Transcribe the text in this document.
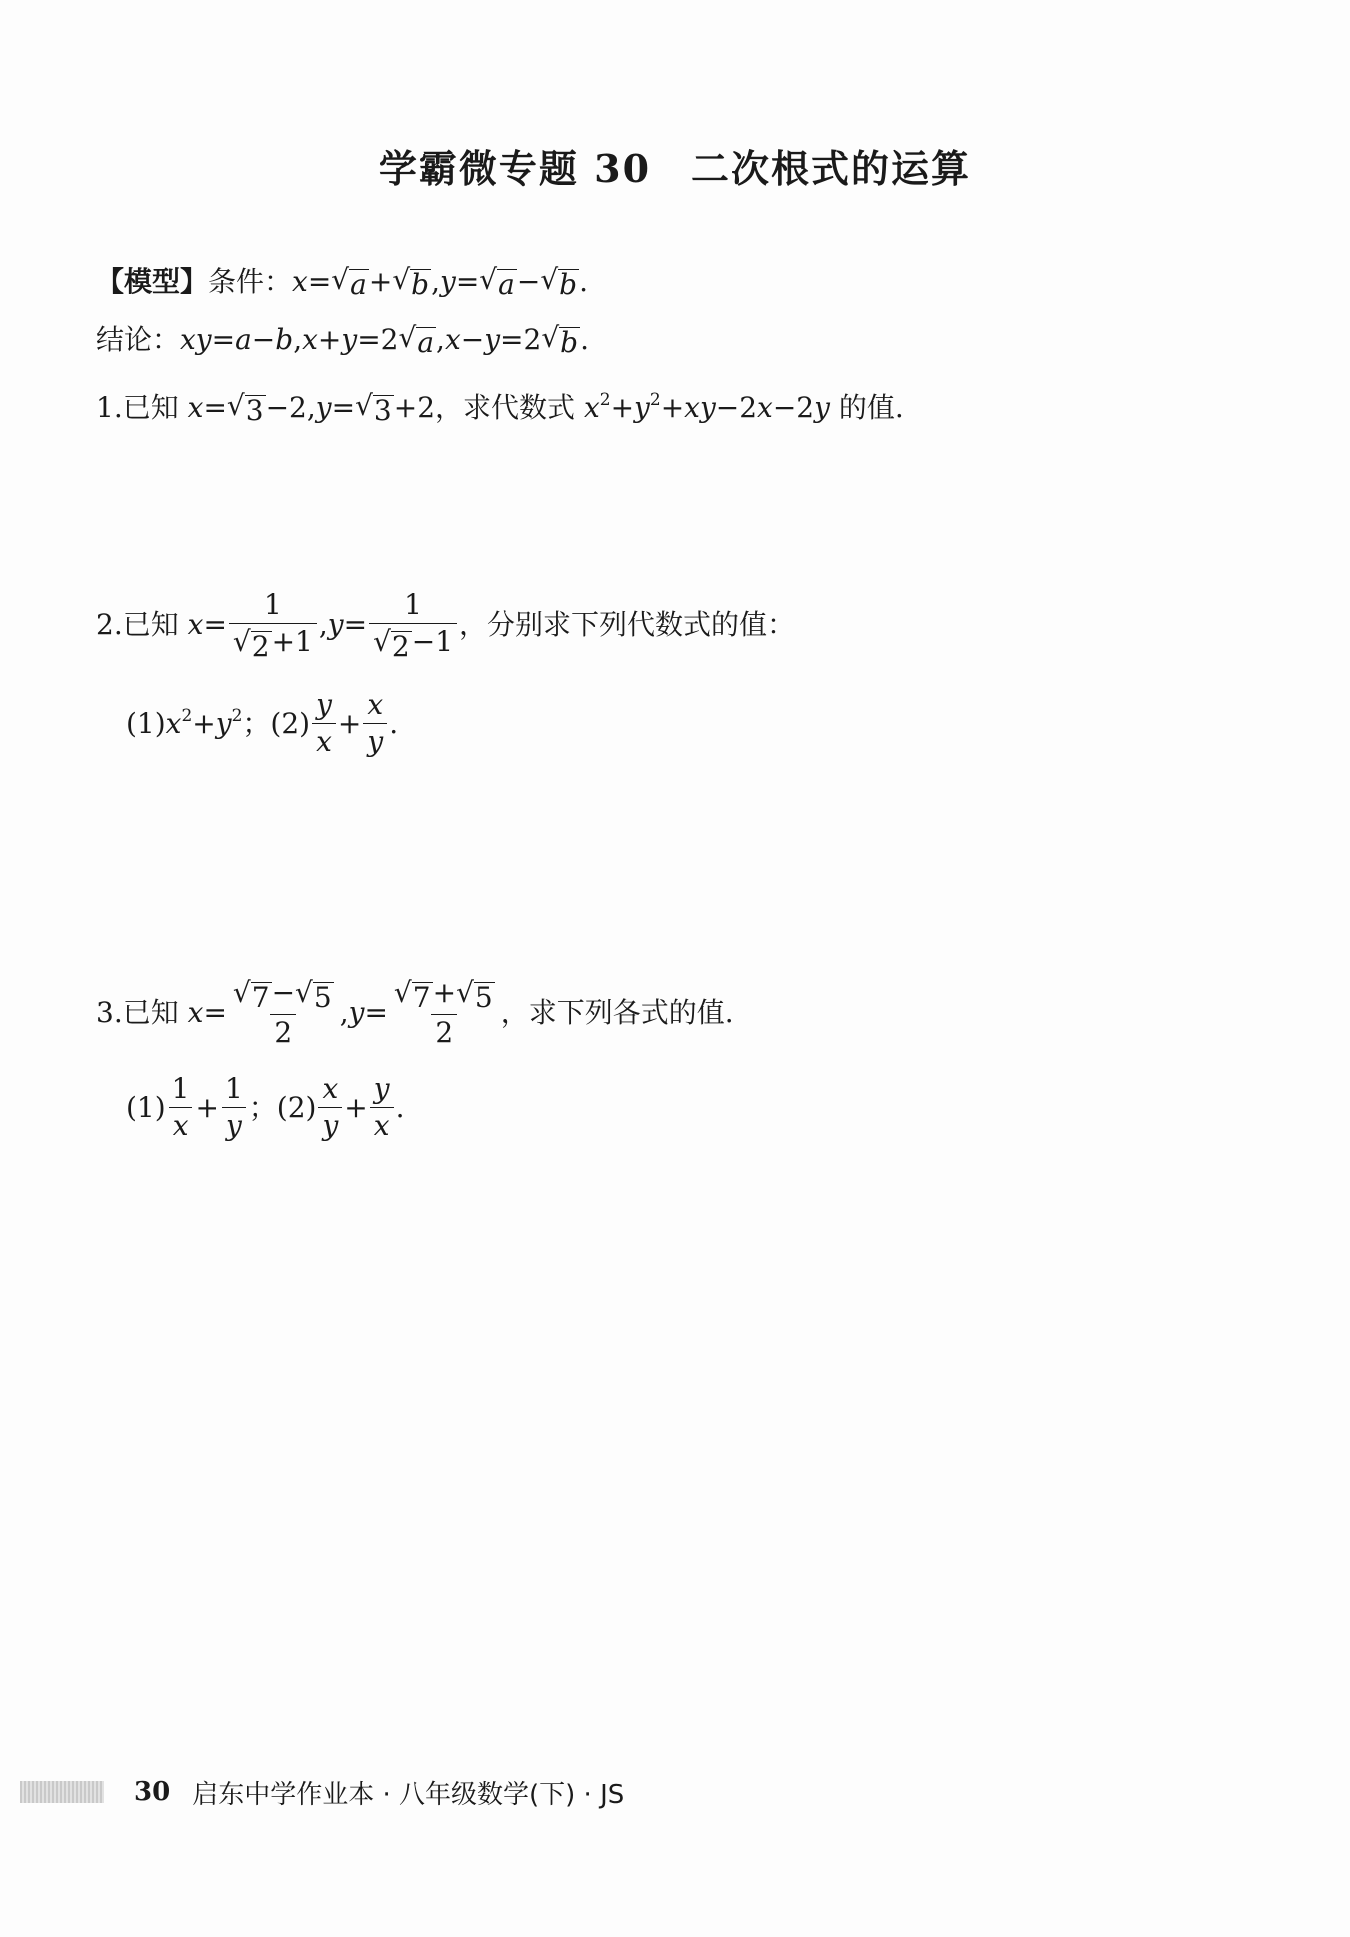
学霸微专题 30 二次根式的运算
【模型】 条件： x = √ a + √ b , y = √ a − √ b .
结论： xy = a − b , x + y =2 √ a , x − y =2 √ b .
1. 已知
x = √ 3 −2, y = √ 3 +2 ，求代数式
$x^2 + y^2$ + xy −2 x −2 y
的值.
2. 已知
$x = \frac{1}{√ 2 +1}$ , $y = \frac{1}{√ 2 -1}$ ，分别求下列代数式的值：
(1) $x^2 + y^2$ ；$(2) \frac{y}{x} + \frac{x}{y}$ .
3. 已知
$x = \frac{√ 7 - √ 5}{2}$ , $y = \frac{√ 7 + √ 5}{2}$ ，求下列各式的值.
$(1) \frac{1}{x} + \frac{1}{y}$ ；$(2) \frac{x}{y} + \frac{y}{x}$ .
30 启东中学作业本 · 八年级数学(下) · JS
